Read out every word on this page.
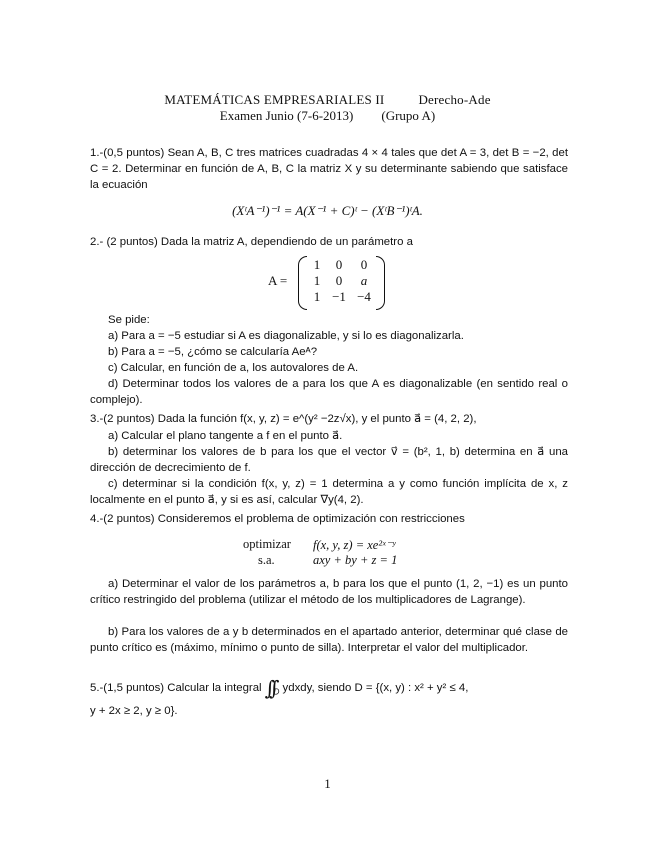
MATEMÁTICAS EMPRESARIALES II	Derecho-Ade
Examen Junio (7-6-2013) (Grupo A)
1.-(0,5 puntos) Sean A, B, C tres matrices cuadradas 4 × 4 tales que det A = 3, det B = −2, det C = 2. Determinar en función de A, B, C la matriz X y su determinante sabiendo que satisface la ecuación
(XᵗA⁻¹)⁻¹ = A(X⁻¹ + C)ᵗ − (XᵗB⁻¹)ᵗA.
2.- (2 puntos) Dada la matriz A, dependiendo de un parámetro a
A =
1	0	0
1	0	a
1 −1 −4
Se pide:
a) Para a = −5 estudiar si A es diagonalizable, y si lo es diagonalizarla.
b) Para a = −5, ¿cómo se calcularía Aeᴬ?
c) Calcular, en función de a, los autovalores de A.
d) Determinar todos los valores de a para los que A es diagonalizable (en sentido real o complejo).
3.-(2 puntos) Dada la función f(x, y, z) = e^(y² −2z√x), y el punto a⃗ = (4, 2, 2),
a) Calcular el plano tangente a f en el punto a⃗.
b) determinar los valores de b para los que el vector v⃗ = (b², 1, b) determina en a⃗ una dirección de decrecimiento de f.
c) determinar si la condición f(x, y, z) = 1 determina a y como función implícita de x, z localmente en el punto a⃗, y si es así, calcular ∇y(4, 2).
4.-(2 puntos) Consideremos el problema de optimización con restricciones
optimizar f(x, y, z) = xe²ˣ⁻ʸ
s.a.	axy + by + z = 1
a) Determinar el valor de los parámetros a, b para los que el punto (1, 2, −1) es un punto crítico restringido del problema (utilizar el método de los multiplicadores de Lagrange).
b) Para los valores de a y b determinados en el apartado anterior, determinar qué clase de punto crítico es (máximo, mínimo o punto de silla). Interpretar el valor del multiplicador.
5.-(1,5 puntos) Calcular la integral $\int\int_D$ ydxdy, siendo D = {(x, y) : x² + y² ≤ 4,
y + 2x ≥ 2, y ≥ 0}.
1
